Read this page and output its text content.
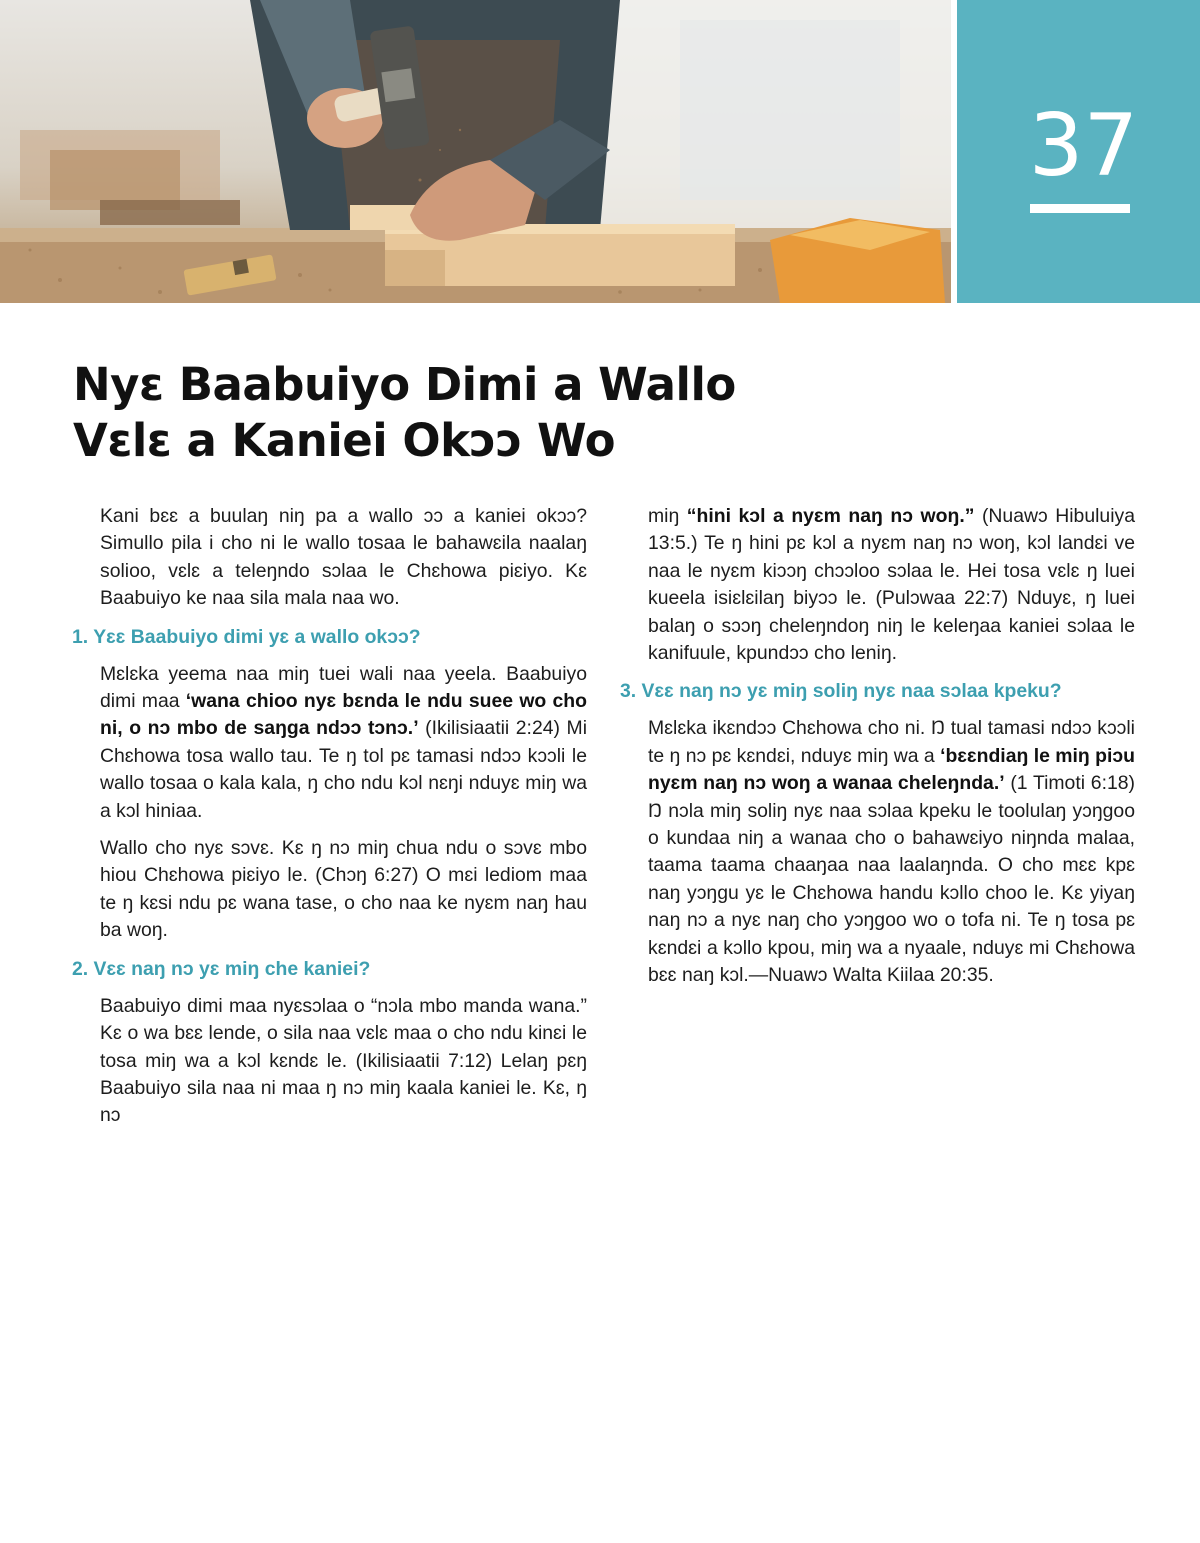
37
Nyɛ Baabuiyo Dimi a Wallo
Vɛlɛ a Kaniei Okɔɔ Wo

Kani bɛɛ a buulaŋ niŋ pa a wallo ɔɔ a kaniei okɔɔ? Simullo pila i cho ni le wallo tosaa le bahawɛila naalaŋ solioo, vɛlɛ a teleŋndo sɔlaa le Chɛhowa piɛiyo. Kɛ Baabuiyo ke naa sila mala naa wo.

1. Yɛɛ Baabuiyo dimi yɛ a wallo okɔɔ?

Mɛlɛka yeema naa miŋ tuei wali naa yeela. Baabuiyo dimi maa ‘wana chioo nyɛ bɛnda le ndu suee wo cho ni, o nɔ mbo de saŋga ndɔɔ tɔnɔ.’ (Ikilisiaatii 2:24) Mi Chɛhowa tosa wallo tau. Te ŋ tol pɛ tamasi ndɔɔ kɔɔli le wallo tosaa o kala kala, ŋ cho ndu kɔl nɛŋi nduyɛ miŋ wa a kɔl hiniaa.

Wallo cho nyɛ sɔvɛ. Kɛ ŋ nɔ miŋ chua ndu o sɔvɛ mbo hiou Chɛhowa piɛiyo le. (Chɔŋ 6:27) O mɛi lediom maa te ŋ kɛsi ndu pɛ wana tase, o cho naa ke nyɛm naŋ hau ba woŋ.

2. Vɛɛ naŋ nɔ yɛ miŋ che kaniei?

Baabuiyo dimi maa nyɛsɔlaa o “nɔla mbo manda wana.” Kɛ o wa bɛɛ lende, o sila naa vɛlɛ maa o cho ndu kinɛi le tosa miŋ wa a kɔl kɛndɛ le. (Ikilisiaatii 7:12) Lelaŋ pɛŋ Baabuiyo sila naa ni maa ŋ nɔ miŋ kaala kaniei le. Kɛ, ŋ nɔ

miŋ “hini kɔl a nyɛm naŋ nɔ woŋ.” (Nuawɔ Hibuluiya 13:5.) Te ŋ hini pɛ kɔl a nyɛm naŋ nɔ woŋ, kɔl landɛi ve naa le nyɛm kiɔɔŋ chɔɔloo sɔlaa le. Hei tosa vɛlɛ ŋ luei kueela isiɛlɛilaŋ biyɔɔ le. (Pulɔwaa 22:7) Nduyɛ, ŋ luei balaŋ o sɔɔŋ cheleŋndoŋ niŋ le keleŋaa kaniei sɔlaa le kanifuule, kpundɔɔ cho leniŋ.

3. Vɛɛ naŋ nɔ yɛ miŋ soliŋ nyɛ naa sɔlaa kpeku?

Mɛlɛka ikɛndɔɔ Chɛhowa cho ni. Ŋ tual tamasi ndɔɔ kɔɔli te ŋ nɔ pɛ kɛndɛi, nduyɛ miŋ wa a ‘bɛɛndiaŋ le miŋ piɔu nyɛm naŋ nɔ woŋ a wanaa cheleŋnda.’ (1 Timoti 6:18) Ŋ nɔla miŋ soliŋ nyɛ naa sɔlaa kpeku le toolulaŋ yɔŋgoo o kundaa niŋ a wanaa cho o bahawɛiyo niŋnda malaa, taama taama chaaŋaa naa laalaŋnda. O cho mɛɛ kpɛ naŋ yɔŋgu yɛ le Chɛhowa handu kɔllo choo le. Kɛ yiyaŋ naŋ nɔ a nyɛ naŋ cho yɔŋgoo wo o tofa ni. Te ŋ tosa pɛ kɛndɛi a kɔllo kpou, miŋ wa a nyaale, nduyɛ mi Chɛhowa bɛɛ naŋ kɔl.—Nuawɔ Walta Kiilaa 20:35.
